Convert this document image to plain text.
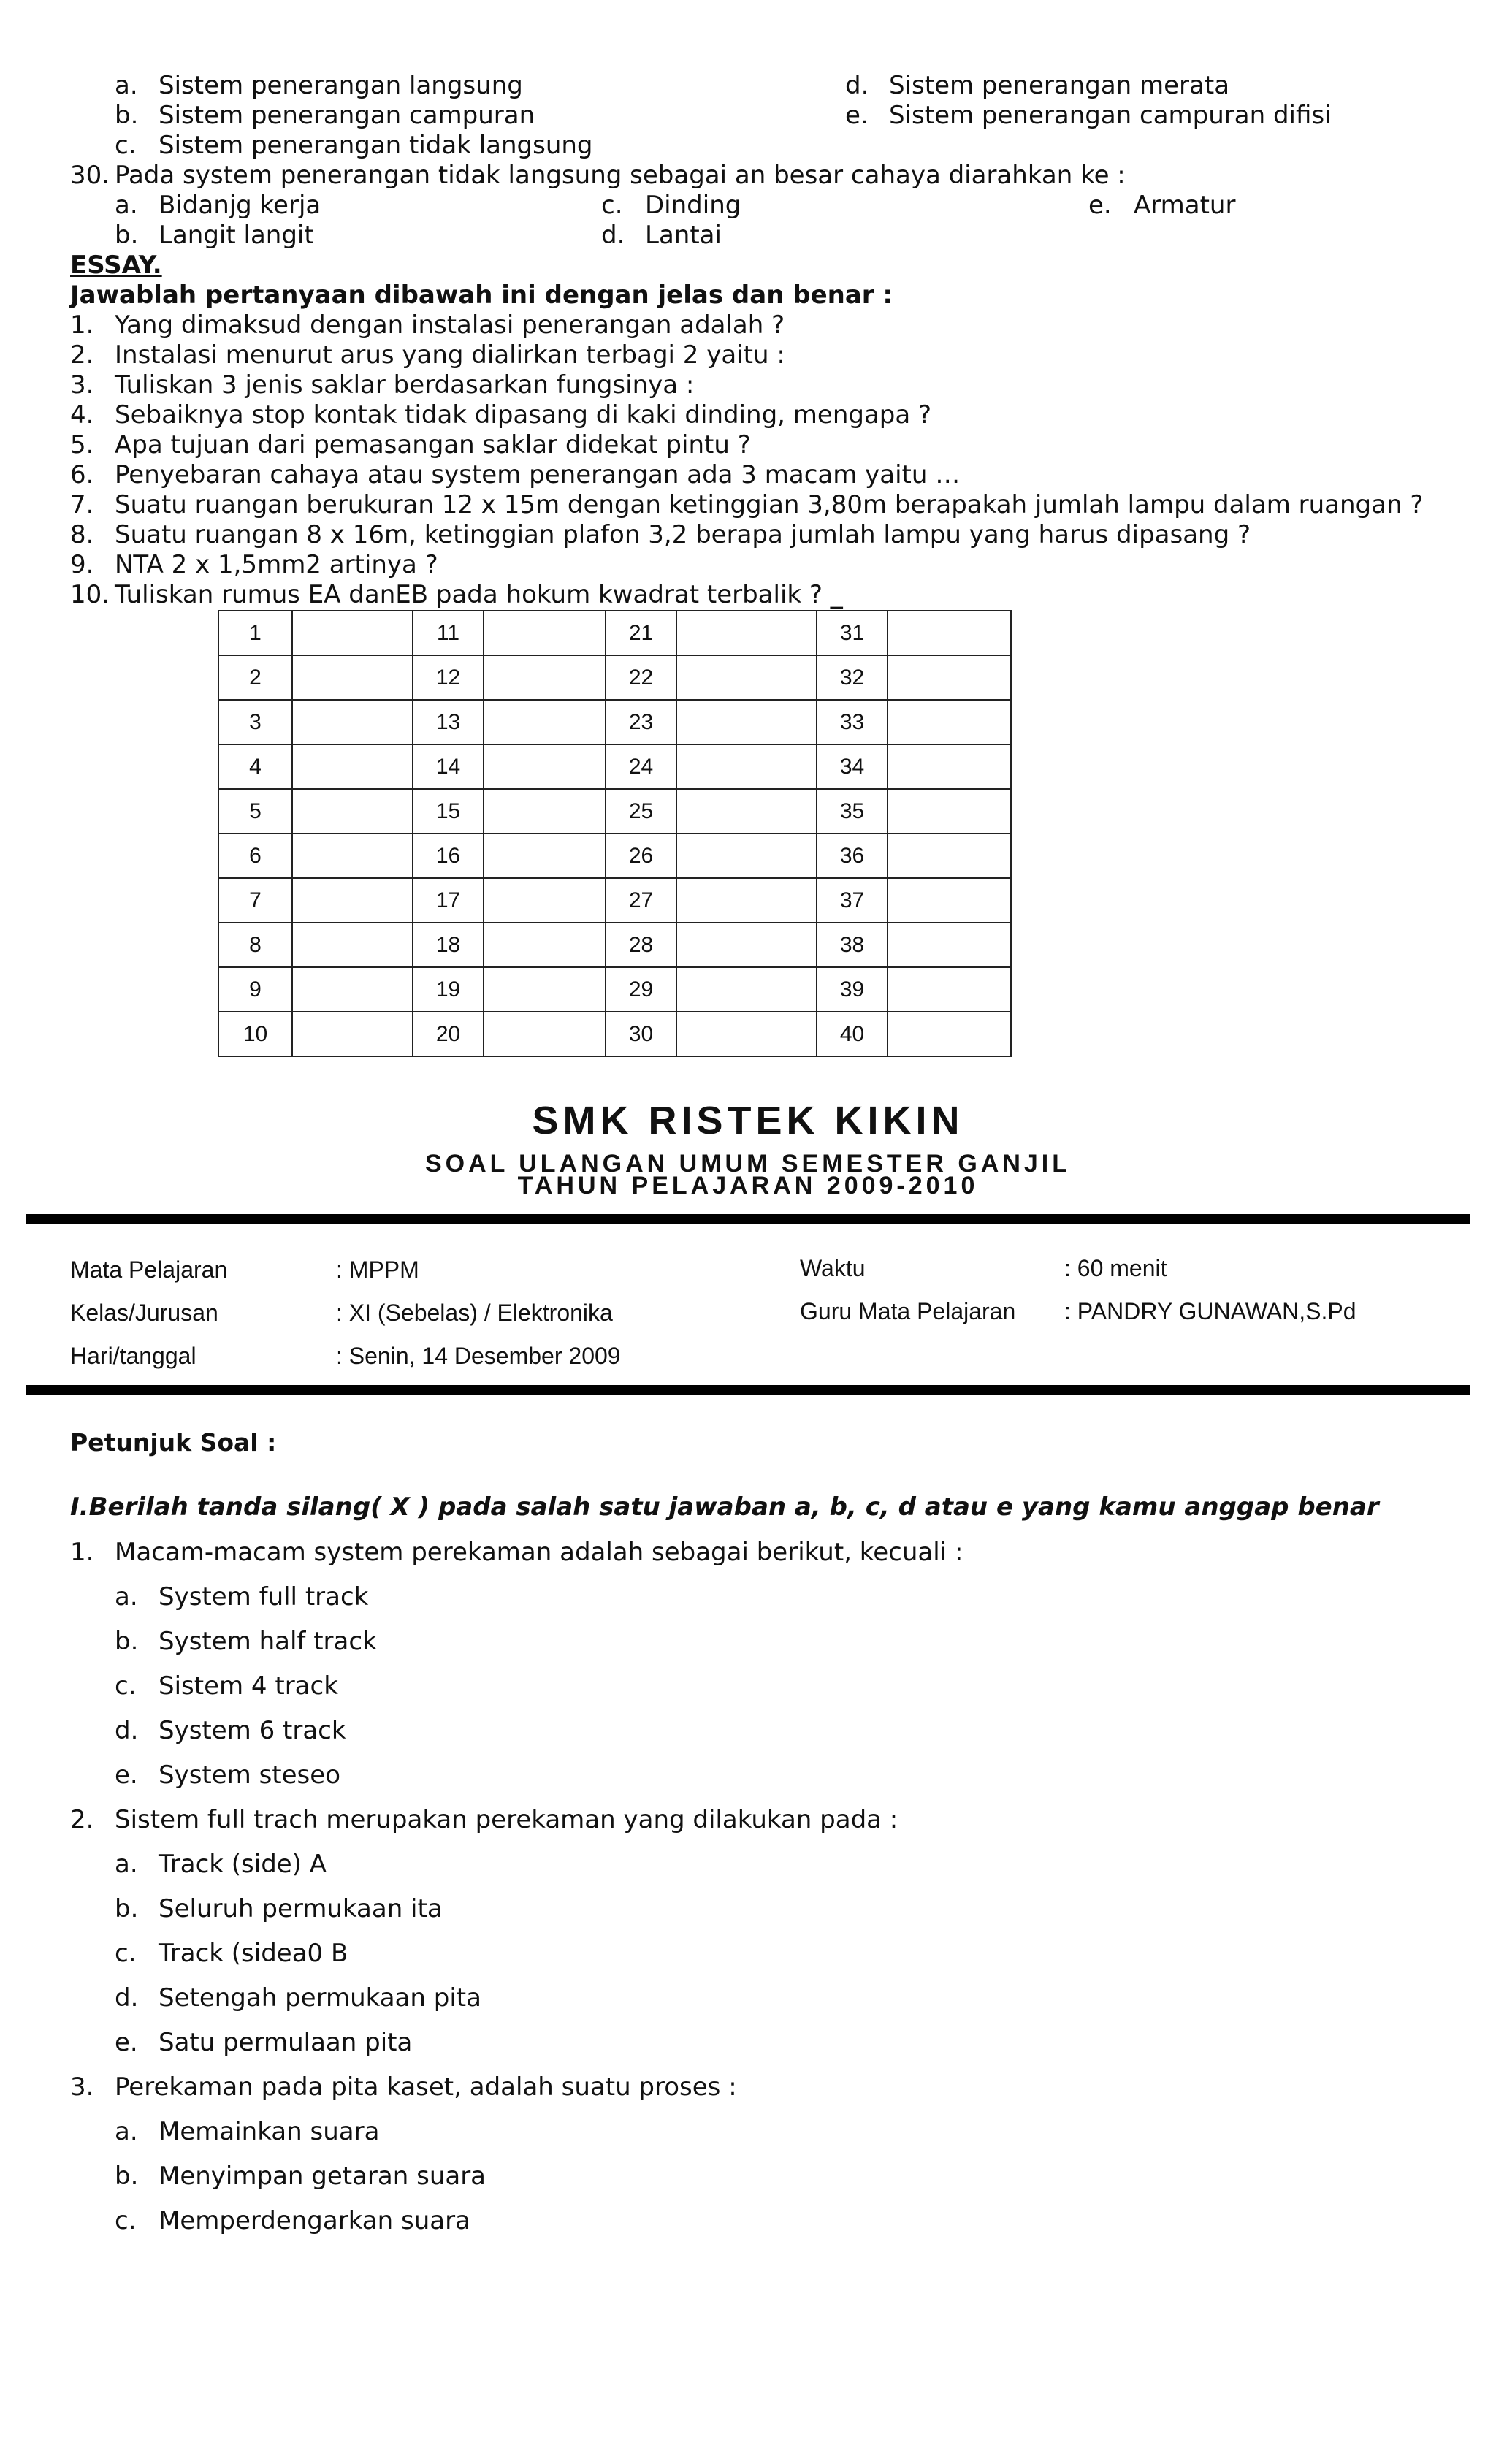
a. Sistem penerangan langsung
b. Sistem penerangan campuran
c. Sistem penerangan tidak langsung
d. Sistem penerangan merata
e. Sistem penerangan campuran difisi
30. Pada system penerangan tidak langsung sebagai an besar cahaya diarahkan ke :
a. Bidanjg kerja
b. Langit langit
c. Dinding
d. Lantai
e. Armatur
ESSAY.
Jawablah pertanyaan dibawah ini dengan jelas dan benar :
1. Yang dimaksud dengan instalasi penerangan adalah ?
2. Instalasi menurut arus yang dialirkan terbagi 2 yaitu :
3. Tuliskan 3 jenis saklar berdasarkan fungsinya :
4. Sebaiknya stop kontak tidak dipasang di kaki dinding, mengapa ?
5. Apa tujuan dari pemasangan saklar didekat pintu ?
6. Penyebaran cahaya atau system penerangan ada 3 macam yaitu …
7. Suatu ruangan berukuran 12 x 15m dengan ketinggian 3,80m berapakah jumlah lampu dalam ruangan ?
8. Suatu ruangan 8 x 16m, ketinggian plafon 3,2 berapa jumlah lampu yang harus dipasang ?
9. NTA 2 x 1,5mm2 artinya ?
10. Tuliskan rumus EA danEB pada hokum kwadrat terbalik ? _
1		11		21		31	
2		12		22		32	
3		13		23		33	
4		14		24		34	
5		15		25		35	
6		16		26		36	
7		17		27		37	
8		18		28		38	
9		19		29		39	
10		20		30		40	
SMK RISTEK KIKIN
SOAL ULANGAN UMUM SEMESTER GANJIL
TAHUN PELAJARAN 2009-2010
Mata Pelajaran	: MPPM
Kelas/Jurusan	: XI (Sebelas) / Elektronika
Hari/tanggal	: Senin, 14 Desember 2009
Waktu	: 60 menit
Guru Mata Pelajaran : PANDRY GUNAWAN,S.Pd
Petunjuk Soal :
I.Berilah tanda silang( X ) pada salah satu jawaban a, b, c, d atau e yang kamu anggap benar
1. Macam-macam system perekaman adalah sebagai berikut, kecuali :
a. System full track
b. System half track
c. Sistem 4 track
d. System 6 track
e. System steseo
2. Sistem full trach merupakan perekaman yang dilakukan pada :
a. Track (side) A
b. Seluruh permukaan ita
c. Track (sidea0 B
d. Setengah permukaan pita
e. Satu permulaan pita
3. Perekaman pada pita kaset, adalah suatu proses :
a. Memainkan suara
b. Menyimpan getaran suara
c. Memperdengarkan suara
